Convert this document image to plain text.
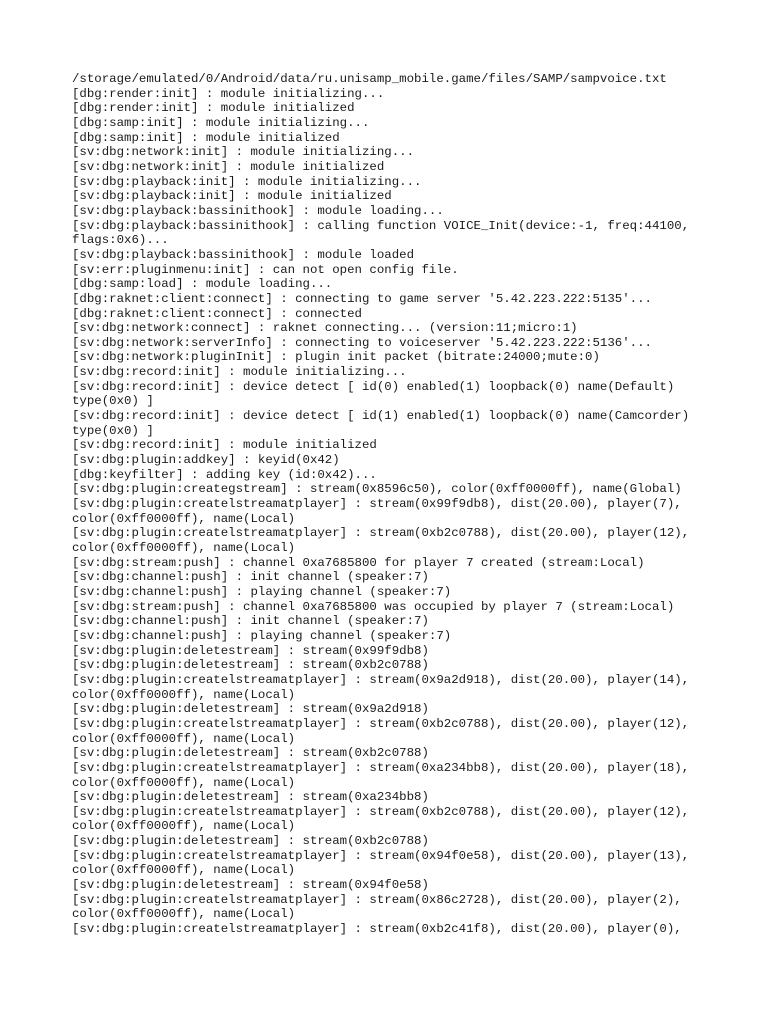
/storage/emulated/0/Android/data/ru.unisamp_mobile.game/files/SAMP/sampvoice.txt
[dbg:render:init] : module initializing...
[dbg:render:init] : module initialized
[dbg:samp:init] : module initializing...
[dbg:samp:init] : module initialized
[sv:dbg:network:init] : module initializing...
[sv:dbg:network:init] : module initialized
[sv:dbg:playback:init] : module initializing...
[sv:dbg:playback:init] : module initialized
[sv:dbg:playback:bassinithook] : module loading...
[sv:dbg:playback:bassinithook] : calling function VOICE_Init(device:-1, freq:44100,
flags:0x6)...
[sv:dbg:playback:bassinithook] : module loaded
[sv:err:pluginmenu:init] : can not open config file.
[dbg:samp:load] : module loading...
[dbg:raknet:client:connect] : connecting to game server '5.42.223.222:5135'...
[dbg:raknet:client:connect] : connected
[sv:dbg:network:connect] : raknet connecting... (version:11;micro:1)
[sv:dbg:network:serverInfo] : connecting to voiceserver '5.42.223.222:5136'...
[sv:dbg:network:pluginInit] : plugin init packet (bitrate:24000;mute:0)
[sv:dbg:record:init] : module initializing...
[sv:dbg:record:init] : device detect [ id(0) enabled(1) loopback(0) name(Default)
type(0x0) ]
[sv:dbg:record:init] : device detect [ id(1) enabled(1) loopback(0) name(Camcorder)
type(0x0) ]
[sv:dbg:record:init] : module initialized
[sv:dbg:plugin:addkey] : keyid(0x42)
[dbg:keyfilter] : adding key (id:0x42)...
[sv:dbg:plugin:creategstream] : stream(0x8596c50), color(0xff0000ff), name(Global)
[sv:dbg:plugin:createlstreamatplayer] : stream(0x99f9db8), dist(20.00), player(7),
color(0xff0000ff), name(Local)
[sv:dbg:plugin:createlstreamatplayer] : stream(0xb2c0788), dist(20.00), player(12),
color(0xff0000ff), name(Local)
[sv:dbg:stream:push] : channel 0xa7685800 for player 7 created (stream:Local)
[sv:dbg:channel:push] : init channel (speaker:7)
[sv:dbg:channel:push] : playing channel (speaker:7)
[sv:dbg:stream:push] : channel 0xa7685800 was occupied by player 7 (stream:Local)
[sv:dbg:channel:push] : init channel (speaker:7)
[sv:dbg:channel:push] : playing channel (speaker:7)
[sv:dbg:plugin:deletestream] : stream(0x99f9db8)
[sv:dbg:plugin:deletestream] : stream(0xb2c0788)
[sv:dbg:plugin:createlstreamatplayer] : stream(0x9a2d918), dist(20.00), player(14),
color(0xff0000ff), name(Local)
[sv:dbg:plugin:deletestream] : stream(0x9a2d918)
[sv:dbg:plugin:createlstreamatplayer] : stream(0xb2c0788), dist(20.00), player(12),
color(0xff0000ff), name(Local)
[sv:dbg:plugin:deletestream] : stream(0xb2c0788)
[sv:dbg:plugin:createlstreamatplayer] : stream(0xa234bb8), dist(20.00), player(18),
color(0xff0000ff), name(Local)
[sv:dbg:plugin:deletestream] : stream(0xa234bb8)
[sv:dbg:plugin:createlstreamatplayer] : stream(0xb2c0788), dist(20.00), player(12),
color(0xff0000ff), name(Local)
[sv:dbg:plugin:deletestream] : stream(0xb2c0788)
[sv:dbg:plugin:createlstreamatplayer] : stream(0x94f0e58), dist(20.00), player(13),
color(0xff0000ff), name(Local)
[sv:dbg:plugin:deletestream] : stream(0x94f0e58)
[sv:dbg:plugin:createlstreamatplayer] : stream(0x86c2728), dist(20.00), player(2),
color(0xff0000ff), name(Local)
[sv:dbg:plugin:createlstreamatplayer] : stream(0xb2c41f8), dist(20.00), player(0),
